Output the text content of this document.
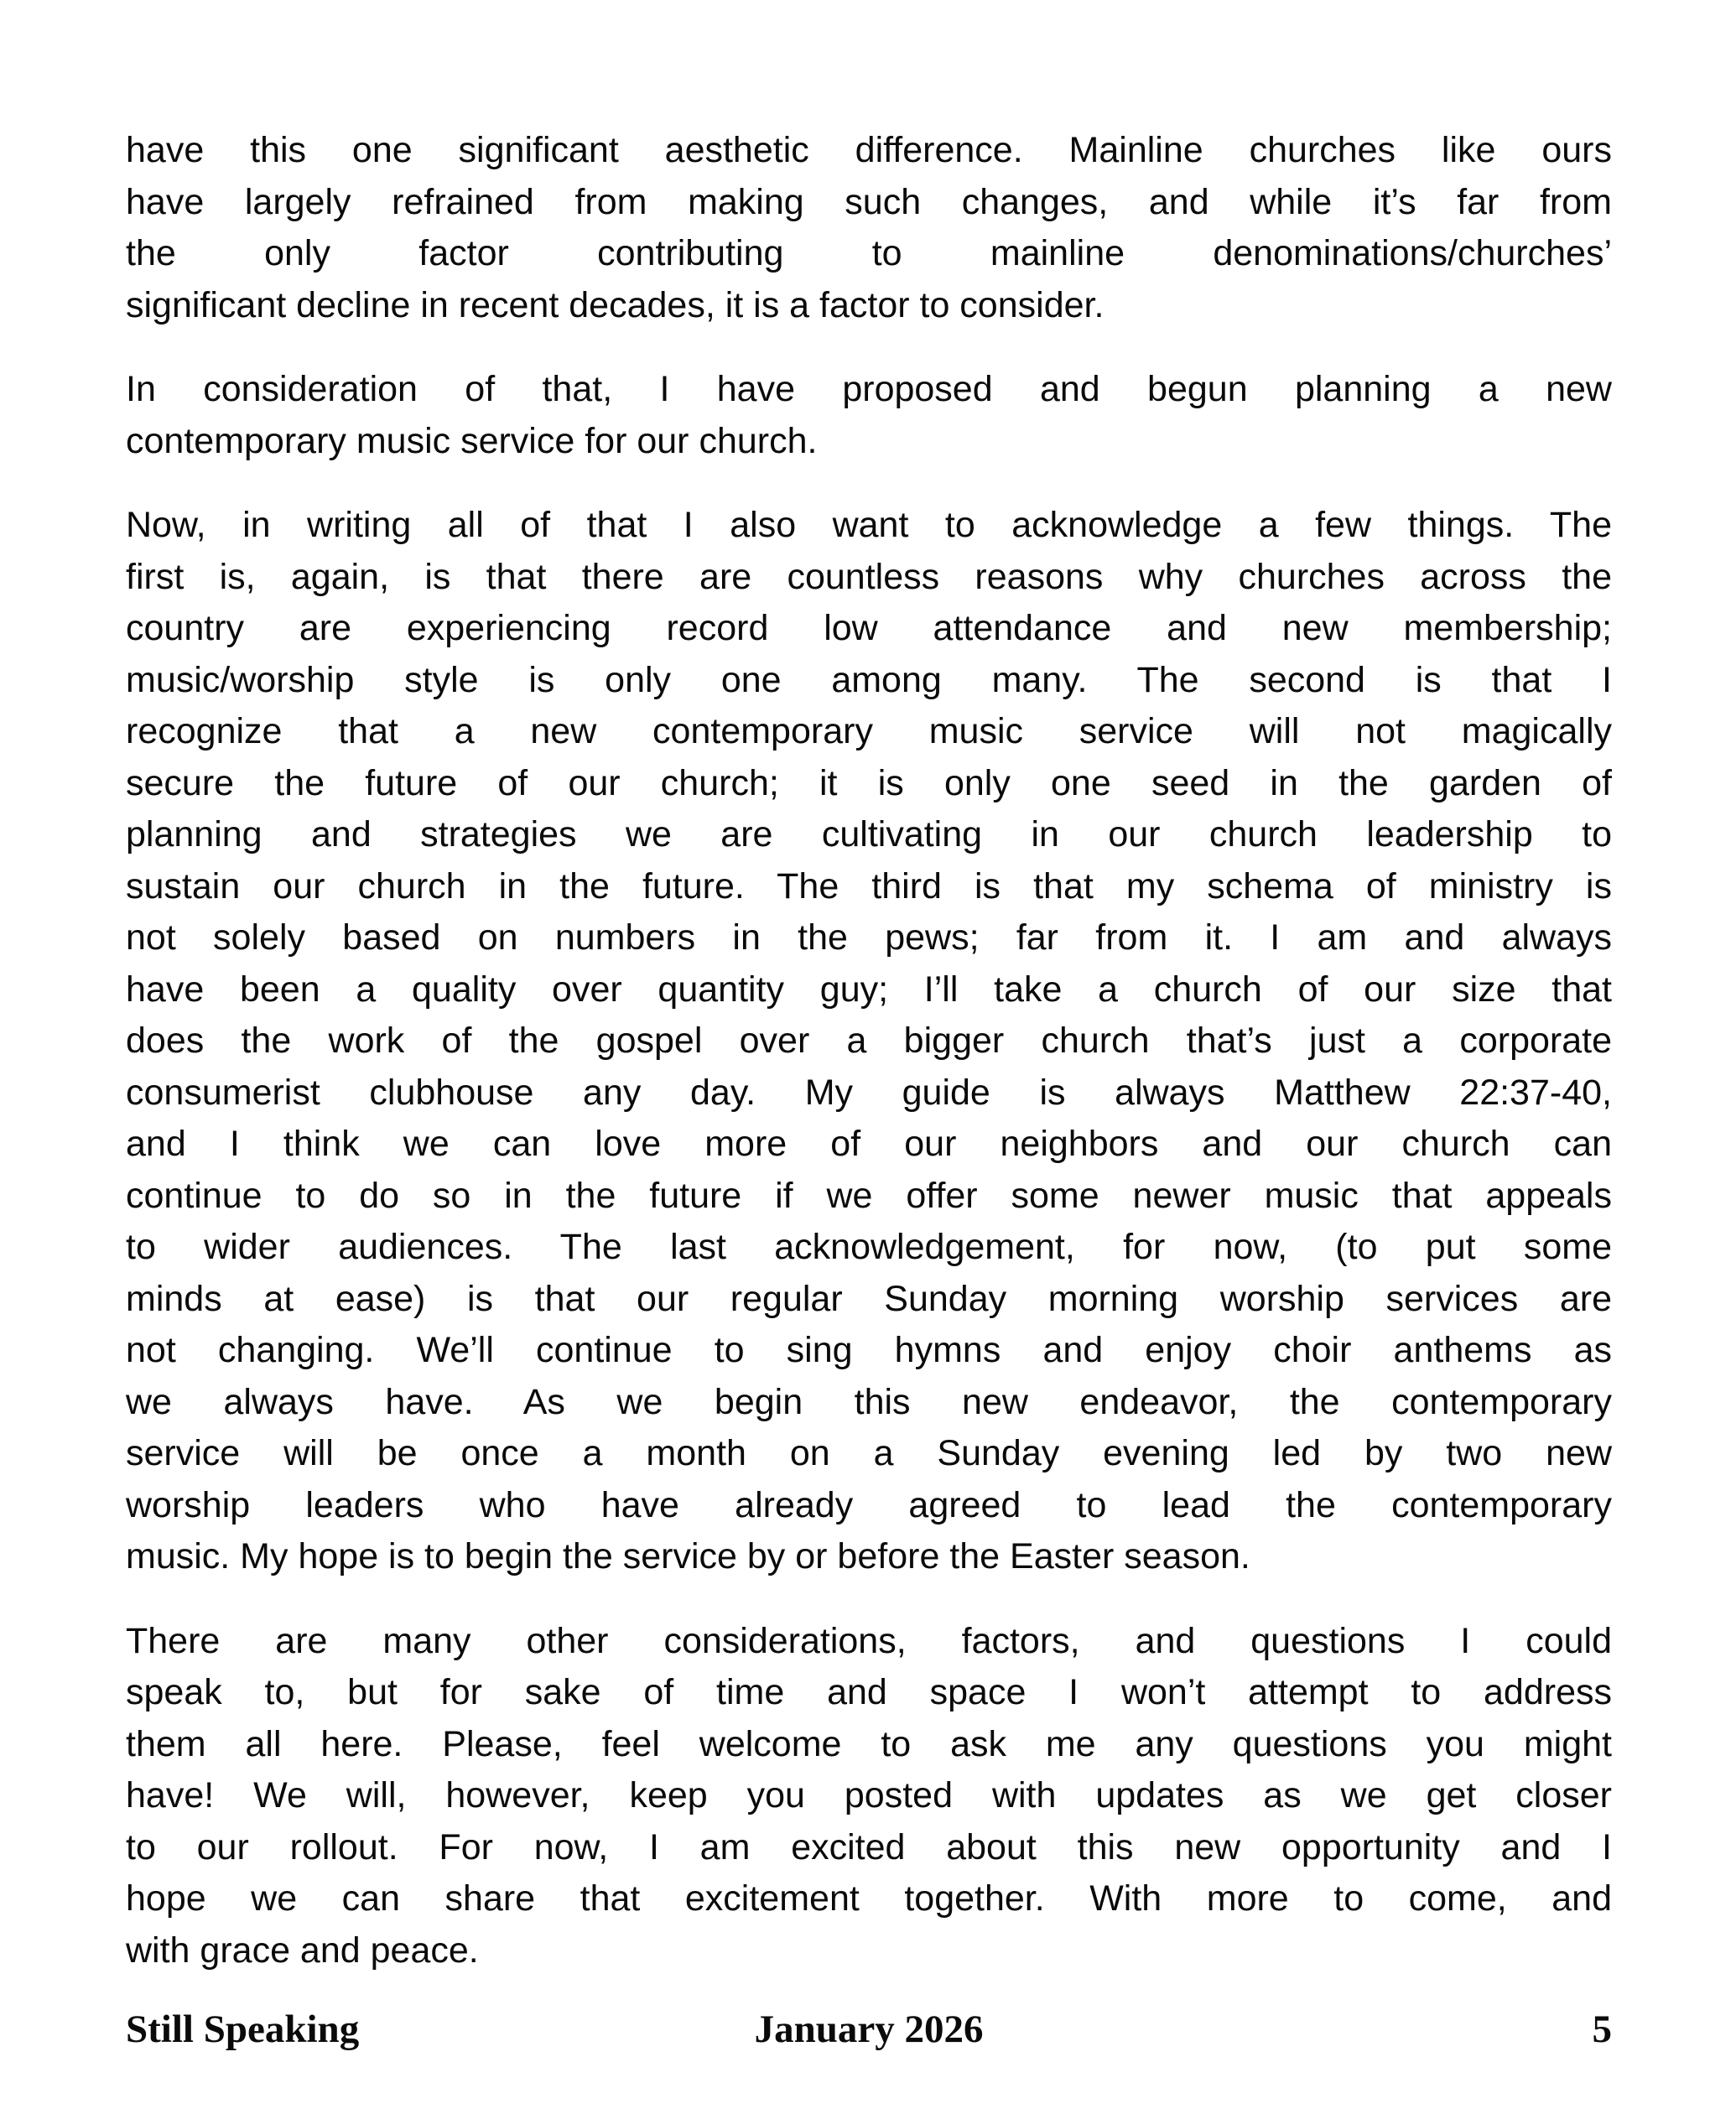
have this one significant aesthetic difference. Mainline churches like ours
have largely refrained from making such changes, and while it’s far from
the only factor contributing to mainline denominations/churches’
significant decline in recent decades, it is a factor to consider.

In consideration of that, I have proposed and begun planning a new
contemporary music service for our church.

Now, in writing all of that I also want to acknowledge a few things. The
first is, again, is that there are countless reasons why churches across the
country are experiencing record low attendance and new membership;
music/worship style is only one among many. The second is that I
recognize that a new contemporary music service will not magically
secure the future of our church; it is only one seed in the garden of
planning and strategies we are cultivating in our church leadership to
sustain our church in the future. The third is that my schema of ministry is
not solely based on numbers in the pews; far from it. I am and always
have been a quality over quantity guy; I’ll take a church of our size that
does the work of the gospel over a bigger church that’s just a corporate
consumerist clubhouse any day. My guide is always Matthew 22:37-40,
and I think we can love more of our neighbors and our church can
continue to do so in the future if we offer some newer music that appeals
to wider audiences. The last acknowledgement, for now, (to put some
minds at ease) is that our regular Sunday morning worship services are
not changing. We’ll continue to sing hymns and enjoy choir anthems as
we always have. As we begin this new endeavor, the contemporary
service will be once a month on a Sunday evening led by two new
worship leaders who have already agreed to lead the contemporary
music. My hope is to begin the service by or before the Easter season.

There are many other considerations, factors, and questions I could
speak to, but for sake of time and space I won’t attempt to address
them all here. Please, feel welcome to ask me any questions you might
have! We will, however, keep you posted with updates as we get closer
to our rollout. For now, I am excited about this new opportunity and I
hope we can share that excitement together. With more to come, and
with grace and peace.

Still Speaking	January 2026	5
